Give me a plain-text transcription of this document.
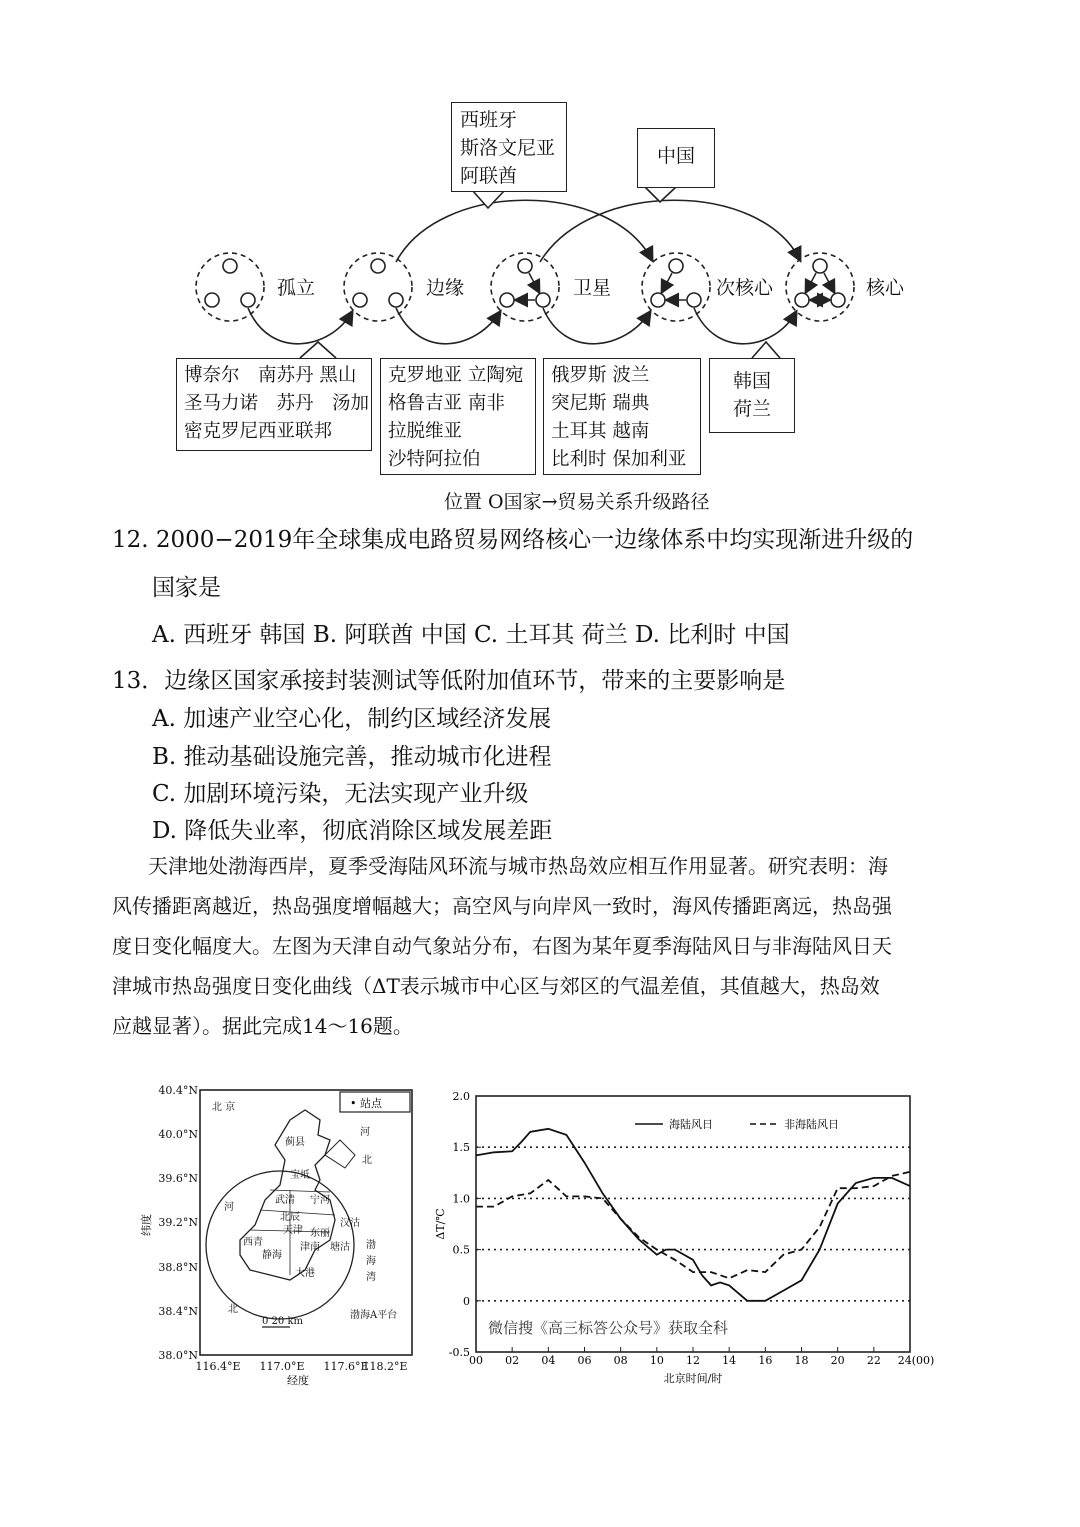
孤立	边缘	卫星	次核心	核心
西班牙
斯洛文尼亚
阿联酋
中国
博奈尔　南苏丹 黑山
圣马力诺　苏丹　汤加
密克罗尼西亚联邦
克罗地亚 立陶宛
格鲁吉亚 南非
拉脱维亚
沙特阿拉伯
俄罗斯 波兰
突尼斯 瑞典
土耳其 越南
比利时 保加利亚
韩国
荷兰
位置 O国家→贸易关系升级路径
12. 2000−2019年全球集成电路贸易网络核心一边缘体系中均实现渐进升级的
国家是
A. 西班牙 韩国 B. 阿联酋 中国 C. 土耳其 荷兰 D. 比利时 中国
13．边缘区国家承接封装测试等低附加值环节，带来的主要影响是
A. 加速产业空心化，制约区域经济发展
B. 推动基础设施完善，推动城市化进程
C. 加剧环境污染，无法实现产业升级
D. 降低失业率，彻底消除区域发展差距
天津地处渤海西岸，夏季受海陆风环流与城市热岛效应相互作用显著。研究表明：海
风传播距离越近，热岛强度增幅越大；高空风与向岸风一致时，海风传播距离远，热岛强
度日变化幅度大。左图为天津自动气象站分布，右图为某年夏季海陆风日与非海陆风日天
津城市热岛强度日变化曲线（ΔT表示城市中心区与郊区的气温差值，其值越大，热岛效
应越显著）。据此完成14～16题。
40.4°N
40.0°N
39.6°N
39.2°N
38.8°N
38.4°N
38.0°N
116.4°E 117.0°E 117.6°E
118.2°E
经度
纬度
• 站点
北 京
河
北
蓟县
宝坻
武清 宁河
北辰
汉沽
天津 东丽
西青
静海
津南 塘沽
大港
渤
海
湾
河
北
渤海A平台
0 20 km
-0.5
0
0.5
1.0
1.5
2.0
00 02 04 06 08 10 12 14 16 18 20 22 24(00)
北京时间/时
ΔT/℃
海陆风日	非海陆风日
微信搜《高三标答公众号》获取全科
